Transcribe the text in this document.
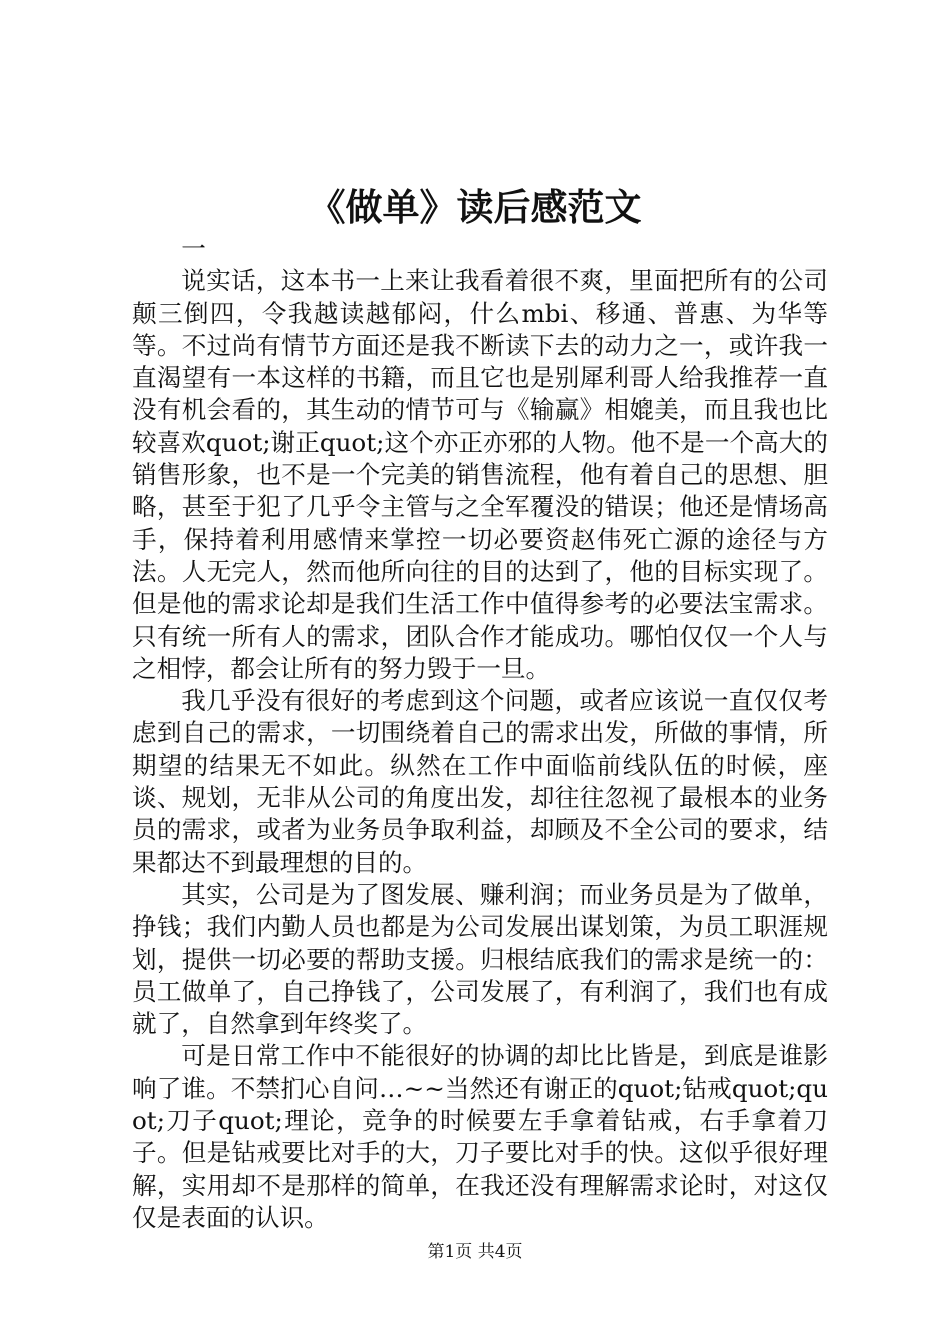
《做单》读后感范文

一

说实话，这本书一上来让我看着很不爽，里面把所有的公司颠三倒四，令我越读越郁闷，什么mbi、移通、普惠、为华等等。不过尚有情节方面还是我不断读下去的动力之一，或许我一直渴望有一本这样的书籍，而且它也是别犀利哥人给我推荐一直没有机会看的，其生动的情节可与《输赢》相媲美，而且我也比较喜欢quot;谢正quot;这个亦正亦邪的人物。他不是一个高大的销售形象，也不是一个完美的销售流程，他有着自己的思想、胆略，甚至于犯了几乎令主管与之全军覆没的错误；他还是情场高手，保持着利用感情来掌控一切必要资赵伟死亡源的途径与方法。人无完人，然而他所向往的目的达到了，他的目标实现了。但是他的需求论却是我们生活工作中值得参考的必要法宝需求。只有统一所有人的需求，团队合作才能成功。哪怕仅仅一个人与之相悖，都会让所有的努力毁于一旦。

我几乎没有很好的考虑到这个问题，或者应该说一直仅仅考虑到自己的需求，一切围绕着自己的需求出发，所做的事情，所期望的结果无不如此。纵然在工作中面临前线队伍的时候，座谈、规划，无非从公司的角度出发，却往往忽视了最根本的业务员的需求，或者为业务员争取利益，却顾及不全公司的要求，结果都达不到最理想的目的。

其实，公司是为了图发展、赚利润；而业务员是为了做单，挣钱；我们内勤人员也都是为公司发展出谋划策，为员工职涯规划，提供一切必要的帮助支援。归根结底我们的需求是统一的：员工做单了，自己挣钱了，公司发展了，有利润了，我们也有成就了，自然拿到年终奖了。

可是日常工作中不能很好的协调的却比比皆是，到底是谁影响了谁。不禁扪心自问…~~当然还有谢正的quot;钻戒quot;quot;刀子quot;理论，竞争的时候要左手拿着钻戒，右手拿着刀子。但是钻戒要比对手的大，刀子要比对手的快。这似乎很好理解，实用却不是那样的简单，在我还没有理解需求论时，对这仅仅是表面的认识。

第1页 共4页
